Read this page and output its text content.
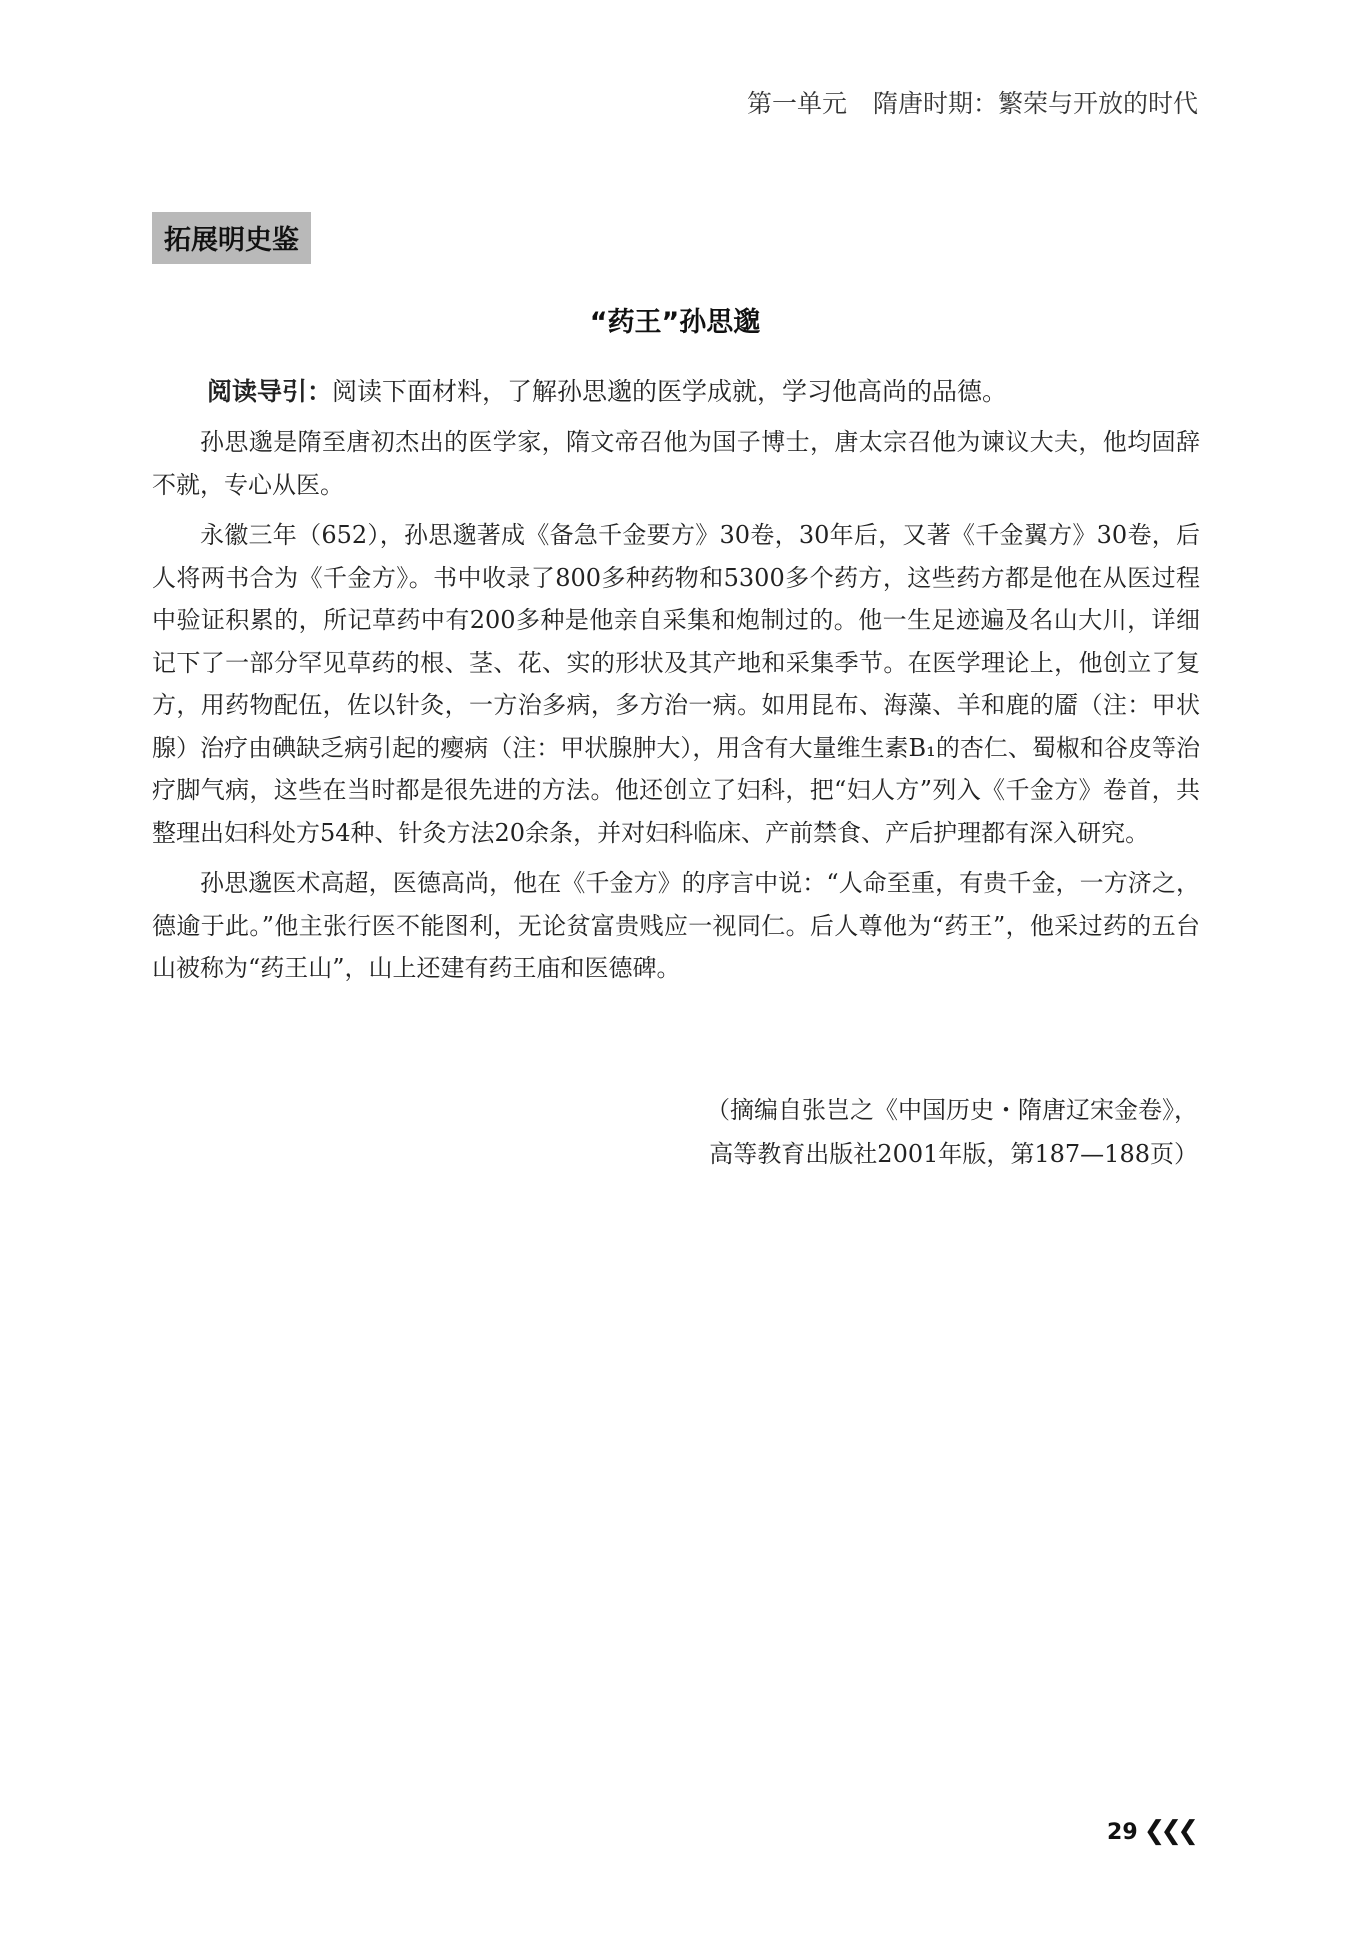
第一单元 隋唐时期：繁荣与开放的时代
拓展明史鉴
“药王”孙思邈
阅读导引：阅读下面材料，了解孙思邈的医学成就，学习他高尚的品德。

孙思邈是隋至唐初杰出的医学家，隋文帝召他为国子博士，唐太宗召他为谏议大夫，他均固辞不就，专心从医。

永徽三年（652），孙思邈著成《备急千金要方》30卷，30年后，又著《千金翼方》30卷，后人将两书合为《千金方》。书中收录了800多种药物和5300多个药方，这些药方都是他在从医过程中验证积累的，所记草药中有200多种是他亲自采集和炮制过的。他一生足迹遍及名山大川，详细记下了一部分罕见草药的根、茎、花、实的形状及其产地和采集季节。在医学理论上，他创立了复方，用药物配伍，佐以针灸，一方治多病，多方治一病。如用昆布、海藻、羊和鹿的靥（注：甲状腺）治疗由碘缺乏病引起的瘿病（注：甲状腺肿大），用含有大量维生素B₁的杏仁、蜀椒和谷皮等治疗脚气病，这些在当时都是很先进的方法。他还创立了妇科，把“妇人方”列入《千金方》卷首，共整理出妇科处方54种、针灸方法20余条，并对妇科临床、产前禁食、产后护理都有深入研究。

孙思邈医术高超，医德高尚，他在《千金方》的序言中说：“人命至重，有贵千金，一方济之，德逾于此。”他主张行医不能图利，无论贫富贵贱应一视同仁。后人尊他为“药王”，他采过药的五台山被称为“药王山”，山上还建有药王庙和医德碑。

（摘编自张岂之《中国历史・隋唐辽宋金卷》，
高等教育出版社2001年版，第187—188页）
29 ❮❮❮
